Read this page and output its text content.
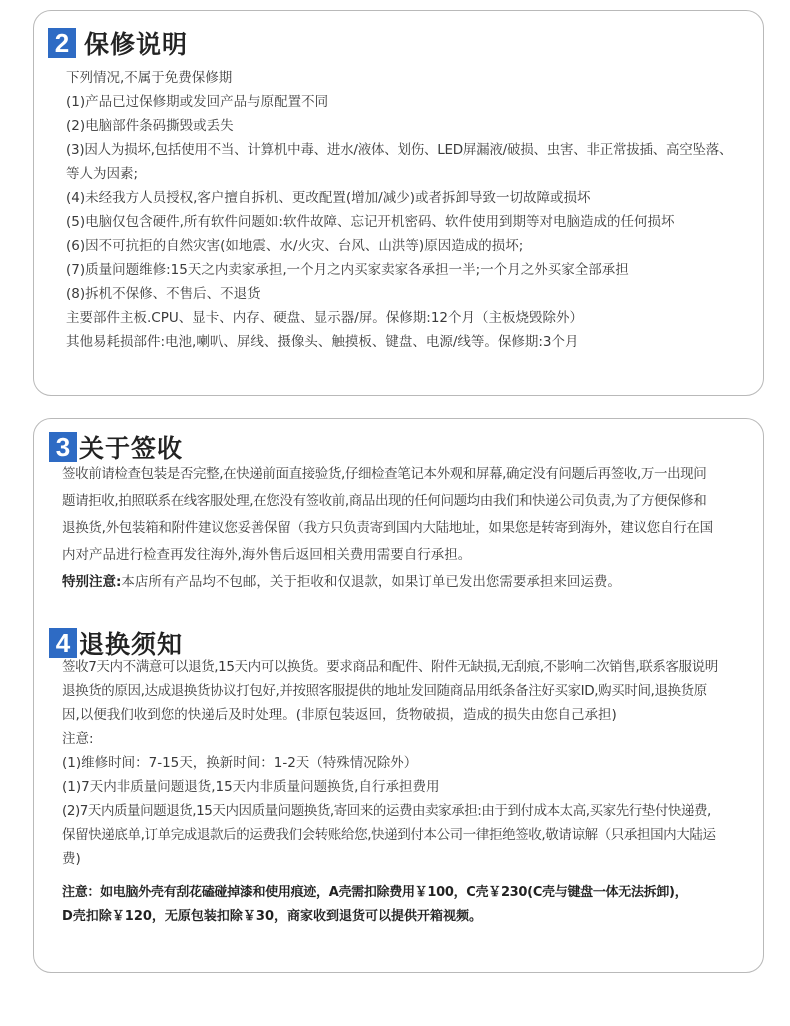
2 保修说明
下列情况,不属于免费保修期
(1)产品已过保修期或发回产品与原配置不同
(2)电脑部件条码撕毁或丢失
(3)因人为损坏,包括使用不当、计算机中毒、进水/液体、划伤、LED屏漏液/破损、虫害、非正常拔插、高空坠落、
等人为因素;
(4)未经我方人员授权,客户擅自拆机、更改配置(增加/减少)或者拆卸导致一切故障或损坏
(5)电脑仅包含硬件,所有软件问题如:软件故障、忘记开机密码、软件使用到期等对电脑造成的任何损坏
(6)因不可抗拒的自然灾害(如地震、水/火灾、台风、山洪等)原因造成的损坏;
(7)质量问题维修:15天之内卖家承担,一个月之内买家卖家各承担一半;一个月之外买家全部承担
(8)拆机不保修、不售后、不退货
主要部件主板.CPU、显卡、内存、硬盘、显示器/屏。保修期:12个月（主板烧毁除外）
其他易耗损部件:电池,喇叭、屏线、摄像头、触摸板、键盘、电源/线等。保修期:3个月
3 关于签收
签收前请检查包装是否完整,在快递前面直接验货,仔细检查笔记本外观和屏幕,确定没有问题后再签收,万一出现问
题请拒收,拍照联系在线客服处理,在您没有签收前,商品出现的任何问题均由我们和快递公司负责,为了方便保修和
退换货,外包装箱和附件建议您妥善保留（我方只负责寄到国内大陆地址，如果您是转寄到海外，建议您自行在国
内对产品进行检查再发往海外,海外售后返回相关费用需要自行承担。
特别注意:本店所有产品均不包邮，关于拒收和仅退款，如果订单已发出您需要承担来回运费。
4 退换须知
签收7天内不满意可以退货,15天内可以换货。要求商品和配件、附件无缺损,无刮痕,不影响二次销售,联系客服说明
退换货的原因,达成退换货协议打包好,并按照客服提供的地址发回随商品用纸条备注好买家ID,购买时间,退换货原
因,以便我们收到您的快递后及时处理。(非原包装返回，货物破损，造成的损失由您自己承担)
注意:
(1)维修时间：7-15天，换新时间：1-2天（特殊情况除外）
(1)7天内非质量问题退货,15天内非质量问题换货,自行承担费用
(2)7天内质量问题退货,15天内因质量问题换货,寄回来的运费由卖家承担:由于到付成本太高,买家先行垫付快递费,
保留快递底单,订单完成退款后的运费我们会转账给您,快递到付本公司一律拒绝签收,敬请谅解（只承担国内大陆运
费)
注意：如电脑外壳有刮花磕碰掉漆和使用痕迹，A壳需扣除费用￥100，C壳￥230(C壳与键盘一体无法拆卸)，
D壳扣除￥120，无原包装扣除￥30，商家收到退货可以提供开箱视频。
